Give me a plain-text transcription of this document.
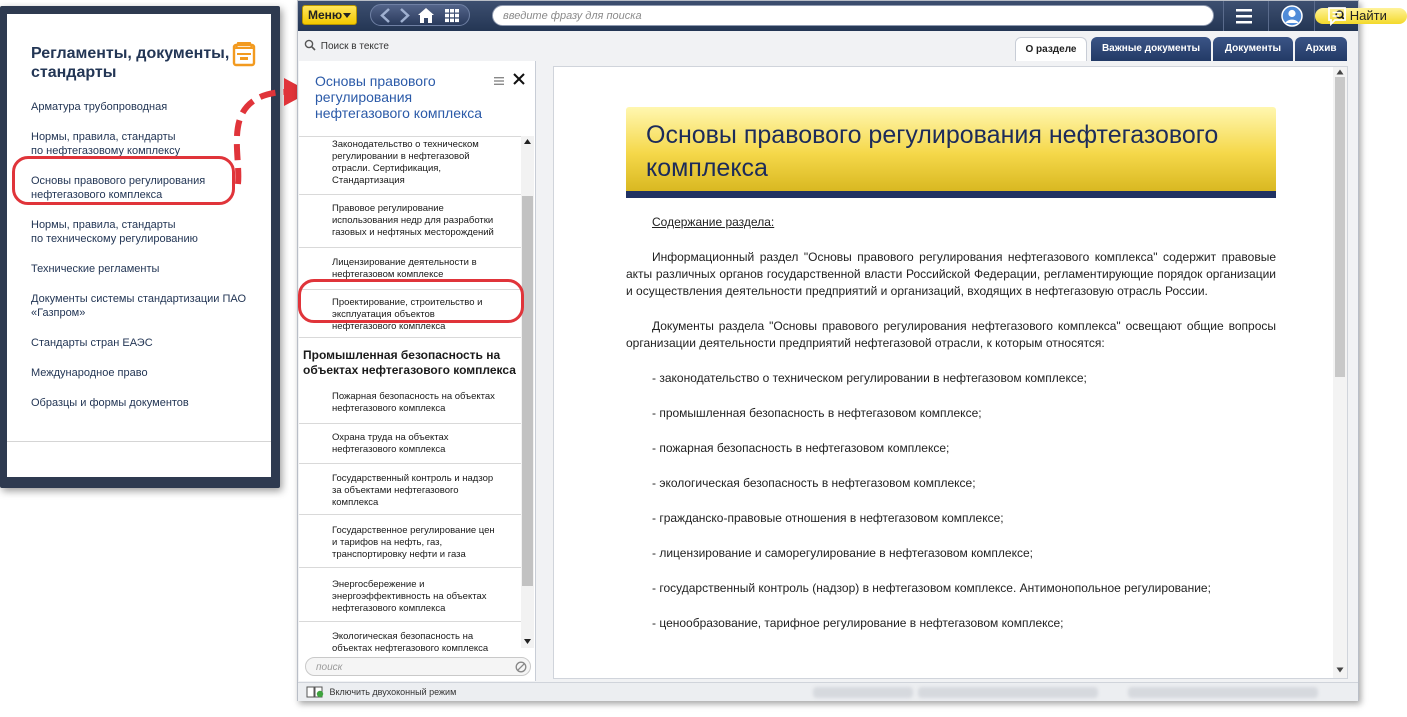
Регламенты, документы, стандарты
Арматура трубопроводная
Нормы, правила, стандарты
по нефтегазовому комплексу
Основы правового регулирования
нефтегазового комплекса
Нормы, правила, стандарты
по техническому регулированию
Технические регламенты
Документы системы стандартизации ПАО
«Газпром»
Стандарты стран ЕАЭС
Международное право
Образцы и формы документов
Меню
введите фразу для поиска	Найти
Поиск в тексте	О разделе	Важные документы	Документы	Архив
Основы правового регулирования нефтегазового комплекса
Законодательство о техническом
регулировании в нефтегазовой
отрасли. Сертификация,
Стандартизация
Правовое регулирование
использования недр для разработки
газовых и нефтяных месторождений
Лицензирование деятельности в
нефтегазовом комплексе
Проектирование, строительство и
эксплуатация объектов
нефтегазового комплекса
Промышленная безопасность на
объектах нефтегазового комплекса
Пожарная безопасность на объектах
нефтегазового комплекса
Охрана труда на объектах
нефтегазового комплекса
Государственный контроль и надзор
за объектами нефтегазового
комплекса
Государственное регулирование цен
и тарифов на нефть, газ,
транспортировку нефти и газа
Энергосбережение и
энергоэффективность на объектах
нефтегазового комплекса
Экологическая безопасность на
объектах нефтегазового комплекса
поиск
Основы правового регулирования нефтегазового комплекса
Содержание раздела:

Информационный раздел "Основы правового регулирования нефтегазового комплекса" содержит правовые акты различных органов государственной власти Российской Федерации, регламентирующие порядок организации и осуществления деятельности предприятий и организаций, входящих в нефтегазовую отрасль России.

Документы раздела "Основы правового регулирования нефтегазового комплекса" освещают общие вопросы организации деятельности предприятий нефтегазовой отрасли, к которым относятся:

- законодательство о техническом регулировании в нефтегазовом комплексе;

- промышленная безопасность в нефтегазовом комплексе;

- пожарная безопасность в нефтегазовом комплексе;

- экологическая безопасность в нефтегазовом комплексе;

- гражданско-правовые отношения в нефтегазовом комплексе;

- лицензирование и саморегулирование в нефтегазовом комплексе;

- государственный контроль (надзор) в нефтегазовом комплексе. Антимонопольное регулирование;

- ценообразование, тарифное регулирование в нефтегазовом комплексе;

Включить двухоконный режим
